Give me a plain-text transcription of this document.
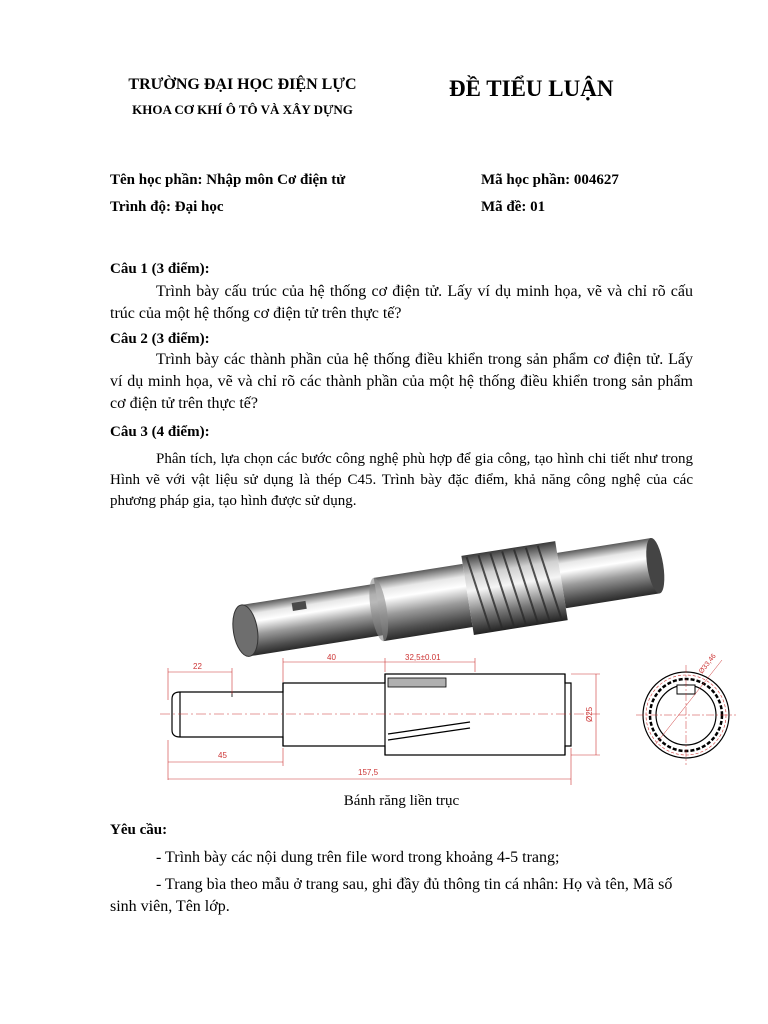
TRƯỜNG ĐẠI HỌC ĐIỆN LỰC
KHOA CƠ KHÍ Ô TÔ VÀ XÂY DỰNG
ĐỀ TIỂU LUẬN
Tên học phần: Nhập môn Cơ điện tử
Trình độ: Đại học
Mã học phần: 004627
Mã đề: 01
Câu 1 (3 điểm):
Trình bày cấu trúc của hệ thống cơ điện tử. Lấy ví dụ minh họa, vẽ và chỉ rõ cấu trúc của một hệ thống cơ điện tử trên thực tế?
Câu 2 (3 điểm):
Trình bày các thành phần của hệ thống điều khiển trong sản phẩm cơ điện tử. Lấy ví dụ minh họa, vẽ và chỉ rõ các thành phần của một hệ thống điều khiển trong sản phẩm cơ điện tử trên thực tế?
Câu 3 (4 điểm):
Phân tích, lựa chọn các bước công nghệ phù hợp để gia công, tạo hình chi tiết như trong Hình vẽ với vật liệu sử dụng là thép C45. Trình bày đặc điểm, khả năng công nghệ của các phương pháp gia, tạo hình được sử dụng.
22
40	32,5±0.01
45
157,5
Ø25
Ø33,46
Bánh răng liền trục
Yêu cầu:
- Trình bày các nội dung trên file word trong khoảng 4-5 trang;
- Trang bìa theo mẫu ở trang sau, ghi đầy đủ thông tin cá nhân: Họ và tên, Mã số sinh viên, Tên lớp.
